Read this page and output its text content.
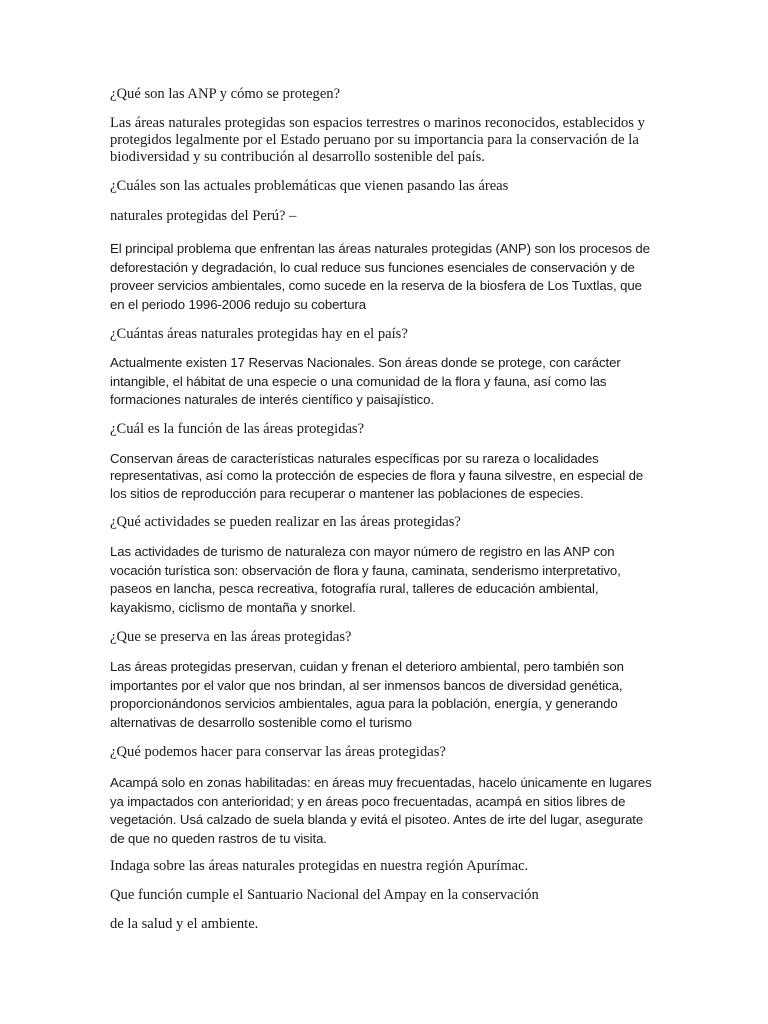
¿Qué son las ANP y cómo se protegen?

Las áreas naturales protegidas son espacios terrestres o marinos reconocidos, establecidos y protegidos legalmente por el Estado peruano por su importancia para la conservación de la biodiversidad y su contribución al desarrollo sostenible del país.

¿Cuáles son las actuales problemáticas que vienen pasando las áreas

naturales protegidas del Perú? –

El principal problema que enfrentan las áreas naturales protegidas (ANP) son los procesos de deforestación y degradación, lo cual reduce sus funciones esenciales de conservación y de proveer servicios ambientales, como sucede en la reserva de la biosfera de Los Tuxtlas, que en el periodo 1996-2006 redujo su cobertura

¿Cuántas áreas naturales protegidas hay en el país?

Actualmente existen 17 Reservas Nacionales. Son áreas donde se protege, con carácter intangible, el hábitat de una especie o una comunidad de la flora y fauna, así como las formaciones naturales de interés científico y paisajístico.

¿Cuál es la función de las áreas protegidas?

Conservan áreas de características naturales específicas por su rareza o localidades representativas, así como la protección de especies de flora y fauna silvestre, en especial de los sitios de reproducción para recuperar o mantener las poblaciones de especies.

¿Qué actividades se pueden realizar en las áreas protegidas?

Las actividades de turismo de naturaleza con mayor número de registro en las ANP con vocación turística son: observación de flora y fauna, caminata, senderismo interpretativo, paseos en lancha, pesca recreativa, fotografía rural, talleres de educación ambiental, kayakismo, ciclismo de montaña y snorkel.

¿Que se preserva en las áreas protegidas?

Las áreas protegidas preservan, cuidan y frenan el deterioro ambiental, pero también son importantes por el valor que nos brindan, al ser inmensos bancos de diversidad genética, proporcionándonos servicios ambientales, agua para la población, energía, y generando alternativas de desarrollo sostenible como el turismo

¿Qué podemos hacer para conservar las áreas protegidas?

Acampá solo en zonas habilitadas: en áreas muy frecuentadas, hacelo únicamente en lugares ya impactados con anterioridad; y en áreas poco frecuentadas, acampá en sitios libres de vegetación. Usá calzado de suela blanda y evitá el pisoteo. Antes de irte del lugar, asegurate de que no queden rastros de tu visita.

Indaga sobre las áreas naturales protegidas en nuestra región Apurímac.

Que función cumple el Santuario Nacional del Ampay en la conservación

de la salud y el ambiente.
